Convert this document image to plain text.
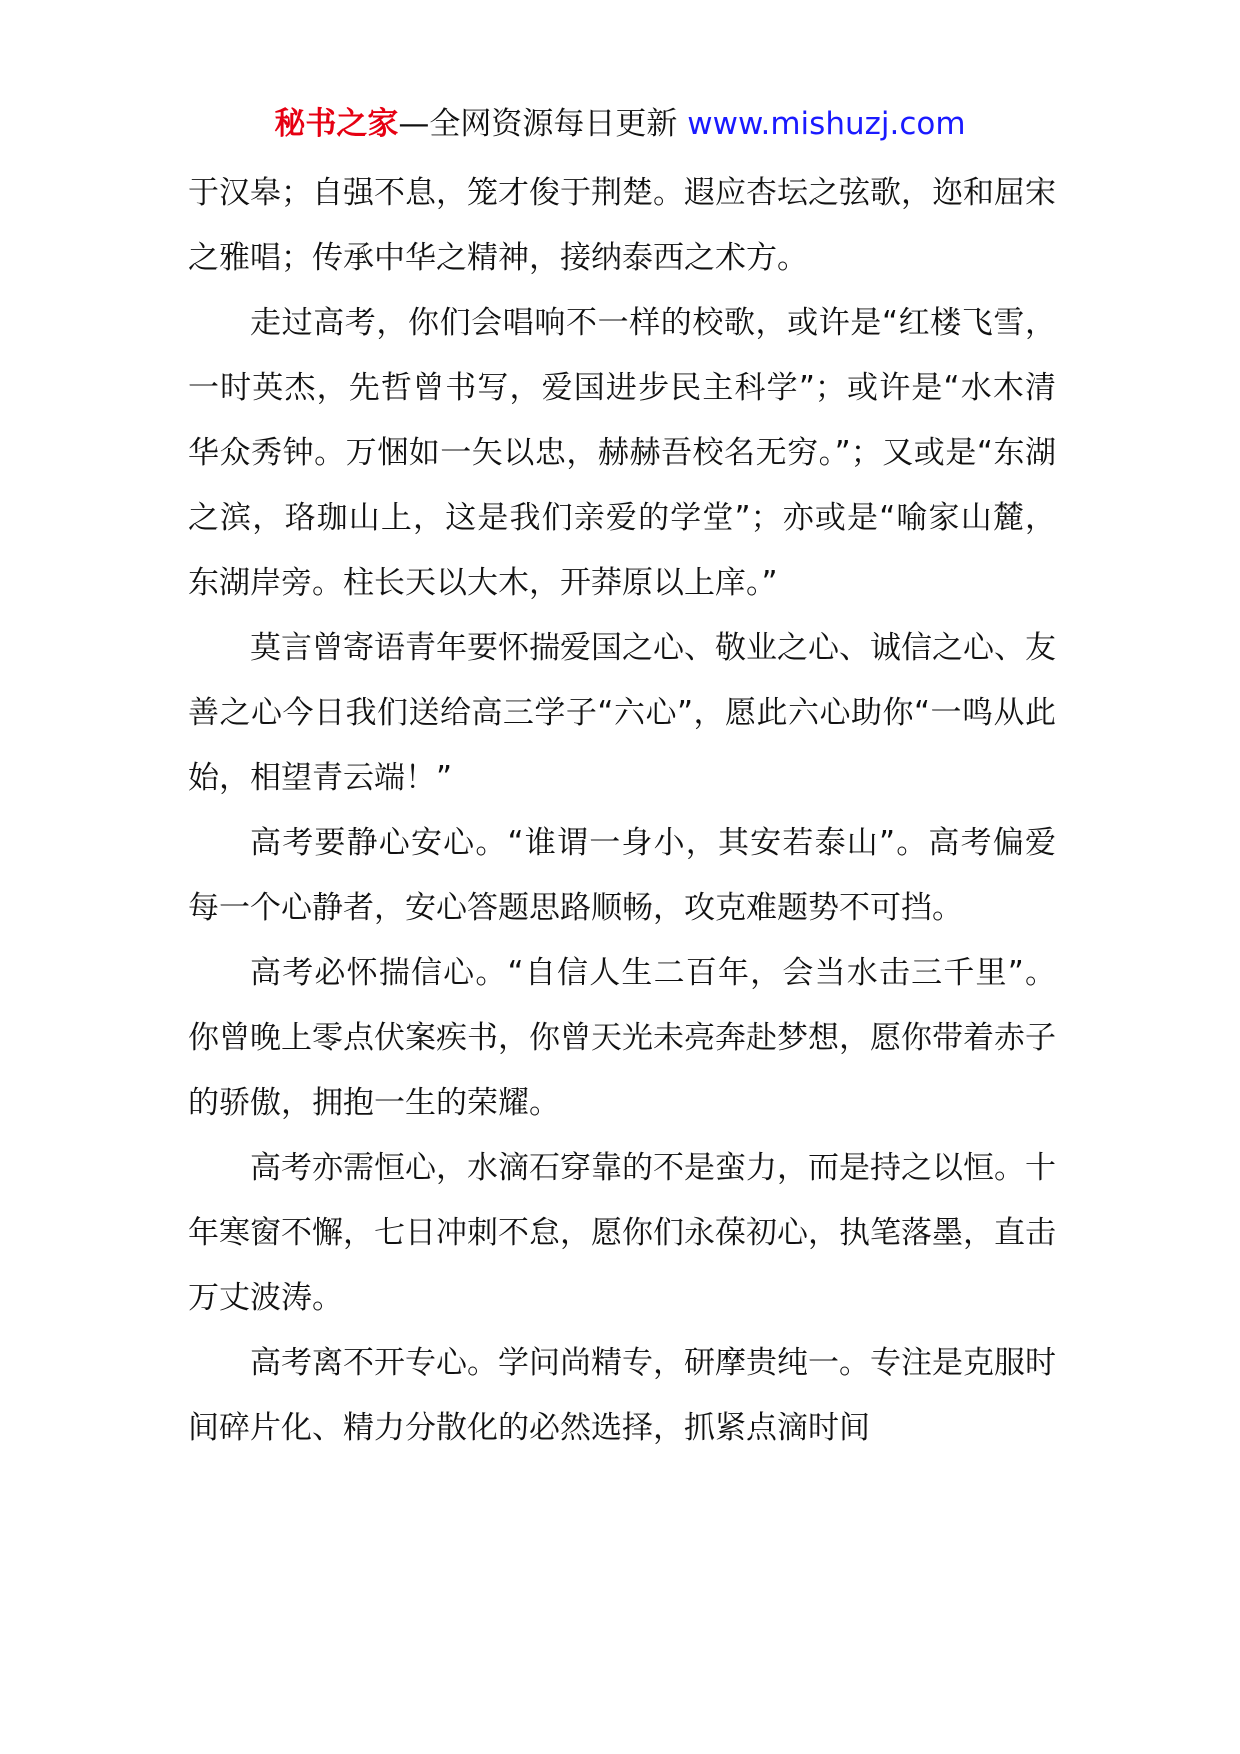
秘书之家—全网资源每日更新 www.mishuzj.com

于汉皋；自强不息，笼才俊于荆楚。遐应杏坛之弦歌，迩和屈宋之雅唱；传承中华之精神，接纳泰西之术方。

走过高考，你们会唱响不一样的校歌，或许是“红楼飞雪，一时英杰，先哲曾书写，爱国进步民主科学”；或许是“水木清华众秀钟。万悃如一矢以忠，赫赫吾校名无穷。”；又或是“东湖之滨，珞珈山上，这是我们亲爱的学堂”；亦或是“喻家山麓，东湖岸旁。柱长天以大木，开莽原以上庠。”

莫言曾寄语青年要怀揣爱国之心、敬业之心、诚信之心、友善之心今日我们送给高三学子“六心”，愿此六心助你“一鸣从此始，相望青云端！”

高考要静心安心。“谁谓一身小，其安若泰山”。高考偏爱每一个心静者，安心答题思路顺畅，攻克难题势不可挡。

高考必怀揣信心。“自信人生二百年，会当水击三千里”。你曾晚上零点伏案疾书，你曾天光未亮奔赴梦想，愿你带着赤子的骄傲，拥抱一生的荣耀。

高考亦需恒心，水滴石穿靠的不是蛮力，而是持之以恒。十年寒窗不懈，七日冲刺不怠，愿你们永葆初心，执笔落墨，直击万丈波涛。

高考离不开专心。学问尚精专，研摩贵纯一。专注是克服时间碎片化、精力分散化的必然选择，抓紧点滴时间
